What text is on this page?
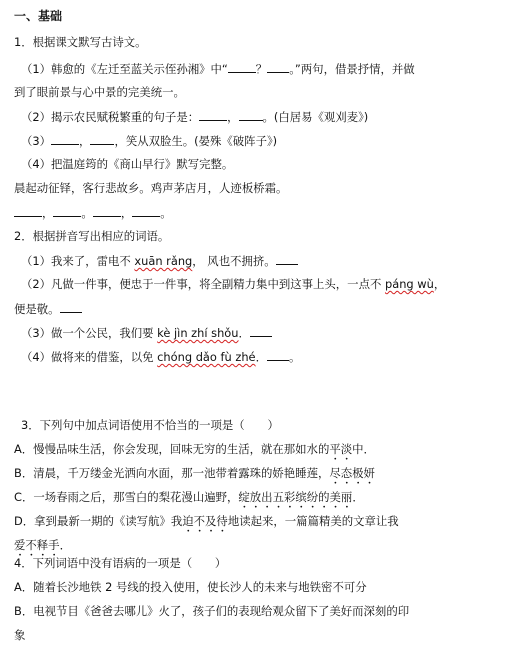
一、基础
1．根据课文默写古诗文。
（1）韩愈的《左迁至蓝关示侄孙湘》中“ ？ 。”两句，借景抒情，并做
到了眼前景与心中景的完美统一。
（2）揭示农民赋税繁重的句子是： ， 。(白居易《观刈麦》)
（3） ， ，笑从双脸生。(晏殊《破阵子》)
（4）把温庭筠的《商山早行》默写完整。
晨起动征铎，客行悲故乡。鸡声茅店月，人迹板桥霜。
， 。 ， 。
2．根据拼音写出相应的词语。
（1）我来了，雷电不 xuān rǎng， 风也不拥挤。
（2）凡做一件事，便忠于一件事，将全副精力集中到这事上头，一点不 páng wù，
便是敬。
（3）做一个公民，我们要 kè jìn zhí shǒu．
（4）做将来的借鉴，以免 chóng dǎo fù zhé． 。
3．下列句中加点词语使用不恰当的一项是（　　）
A．慢慢品味生活，你会发现，回味无穷的生活，就在那如水的平淡中．
B．清晨，千万缕金光洒向水面，那一池带着露珠的娇艳睡莲，尽态极妍
C．一场春雨之后，那雪白的梨花漫山遍野，绽放出五彩缤纷的美丽．
D．拿到最新一期的《读写航》我迫不及待地读起来，一篇篇精美的文章让我
爱不释手．
4．下列词语中没有语病的一项是（　　）
A．随着长沙地铁 2 号线的投入使用，使长沙人的未来与地铁密不可分
B．电视节目《爸爸去哪儿》火了，孩子们的表现给观众留下了美好而深刻的印
象
